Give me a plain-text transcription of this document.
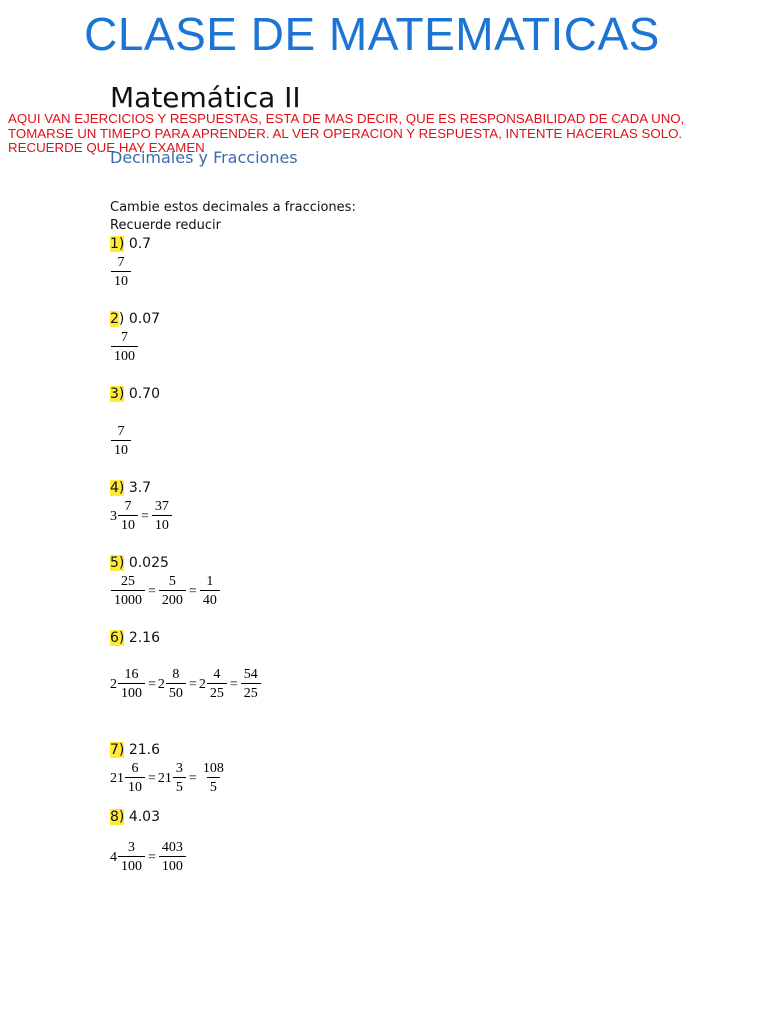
CLASE DE MATEMATICAS
Matemática II

AQUI VAN EJERCICIOS Y RESPUESTAS, ESTA DE MAS DECIR, QUE ES RESPONSABILIDAD DE CADA UNO,
TOMARSE UN TIMEPO PARA APRENDER. AL VER OPERACION Y RESPUESTA, INTENTE HACERLAS SOLO.
RECUERDE QUE HAY EXAMEN

Decimales y Fracciones
Cambie estos decimales a fracciones:
Recuerde reducir
1) 0.7
$\frac{7}{10}$
2) 0.07
$\frac{7}{100}$
3) 0.70
$\frac{7}{10}$
4) 3.7
$3 \frac{7}{10} = \frac{37}{10}$
5) 0.025
$\frac{25}{1000} = \frac{5}{200} = \frac{1}{40}$
6) 2.16
$2 \frac{16}{100} = 2 \frac{8}{50} = 2 \frac{4}{25} = \frac{54}{25}$
7) 21.6
$21 \frac{6}{10} = 21 \frac{3}{5} = \frac{108}{5}$
8) 4.03
$4 \frac{3}{100} = \frac{403}{100}$
